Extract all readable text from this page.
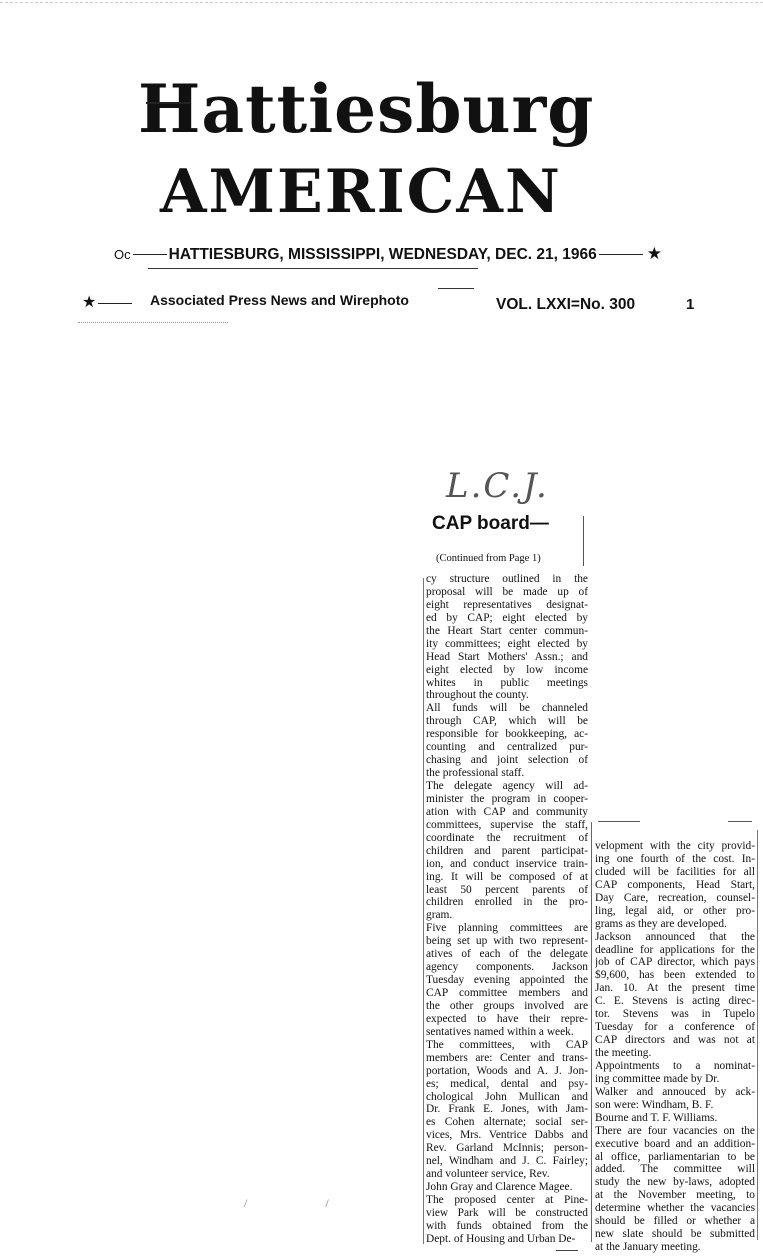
Hattiesburg
AMERICAN
Oc HATTIESBURG, MISSISSIPPI, WEDNESDAY, DEC. 21, 1966	★
★	Associated Press News and Wirephoto	VOL. LXXI=No. 300	1
L.C.J.
CAP board—
(Continued from Page 1)
cy structure outlined in the
proposal will be made up of
eight representatives designat-
ed by CAP; eight elected by
the Heart Start center commun-
ity committees; eight elected by
Head Start Mothers' Assn.; and
eight elected by low income
whites in public meetings
throughout the county.
All funds will be channeled
through CAP, which will be
responsible for bookkeeping, ac-
counting and centralized pur-
chasing and joint selection of
the professional staff.
The delegate agency will ad-
minister the program in cooper-
ation with CAP and community
committees, supervise the staff,
coordinate the recruitment of
children and parent participat-
ion, and conduct inservice train-
ing. It will be composed of at
least 50 percent parents of
children enrolled in the pro-
gram.
Five planning committees are
being set up with two represent-
atives of each of the delegate
agency components. Jackson
Tuesday evening appointed the
CAP committee members and
the other groups involved are
expected to have their repre-
sentatives named within a week.
The committees, with CAP
members are: Center and trans-
portation, Woods and A. J. Jon-
es; medical, dental and psy-
chological John Mullican and
Dr. Frank E. Jones, with Jam-
es Cohen alternate; social ser-
vices, Mrs. Ventrice Dabbs and
Rev. Garland McInnis; person-
nel, Windham and J. C. Fairley;
and volunteer service, Rev.
John Gray and Clarence Magee.
The proposed center at Pine-
view Park will be constructed
with funds obtained from the
Dept. of Housing and Urban De-
velopment with the city provid-
ing one fourth of the cost. In-
cluded will be facilities for all
CAP components, Head Start,
Day Care, recreation, counsel-
ling, legal aid, or other pro-
grams as they are developed.
Jackson announced that the
deadline for applications for the
job of CAP director, which pays
$9,600, has been extended to
Jan. 10. At the present time
C. E. Stevens is acting direc-
tor. Stevens was in Tupelo
Tuesday for a conference of
CAP directors and was not at
the meeting.
Appointments to a nominat-
ing committee made by Dr.
Walker and annouced by ack-
son were: Windham, B. F.
Bourne and T. F. Williams.
There are four vacancies on the
executive board and an addition-
al office, parliamentarian to be
added. The committee will
study the new by-laws, adopted
at the November meeting, to
determine whether the vacancies
should be filled or whether a
new slate should be submitted
at the January meeting.
/                          /
